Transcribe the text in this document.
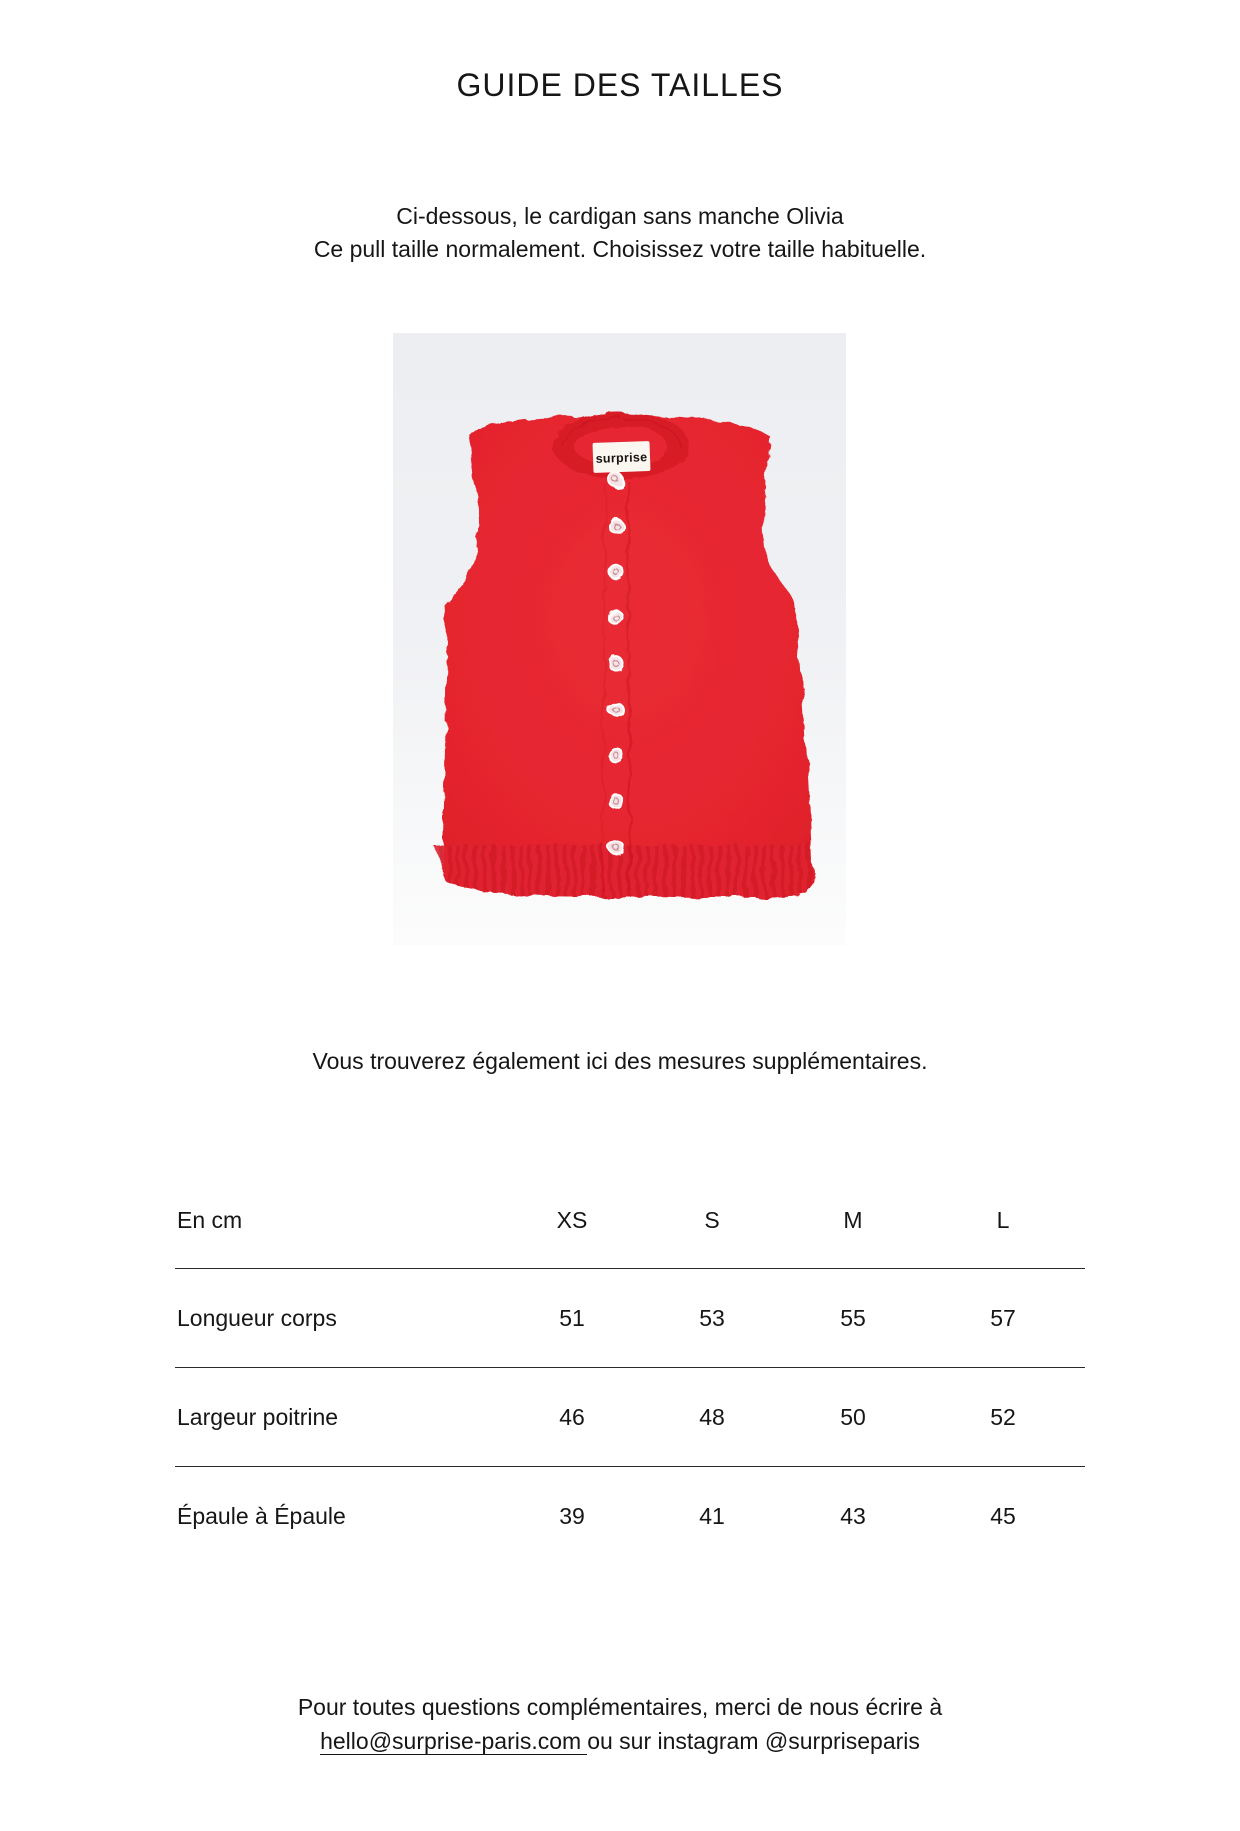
GUIDE DES TAILLES
Ci-dessous, le cardigan sans manche Olivia
Ce pull taille normalement. Choisissez votre taille habituelle.
surprise
Vous trouverez également ici des mesures supplémentaires.
En cm	XS	S	M	L
Longueur corps	51	53	55	57
Largeur poitrine	46	48	50	52
Épaule à Épaule	39	41	43	45
Pour toutes questions complémentaires, merci de nous écrire à
hello@surprise-paris.com ou sur instagram @surpriseparis
